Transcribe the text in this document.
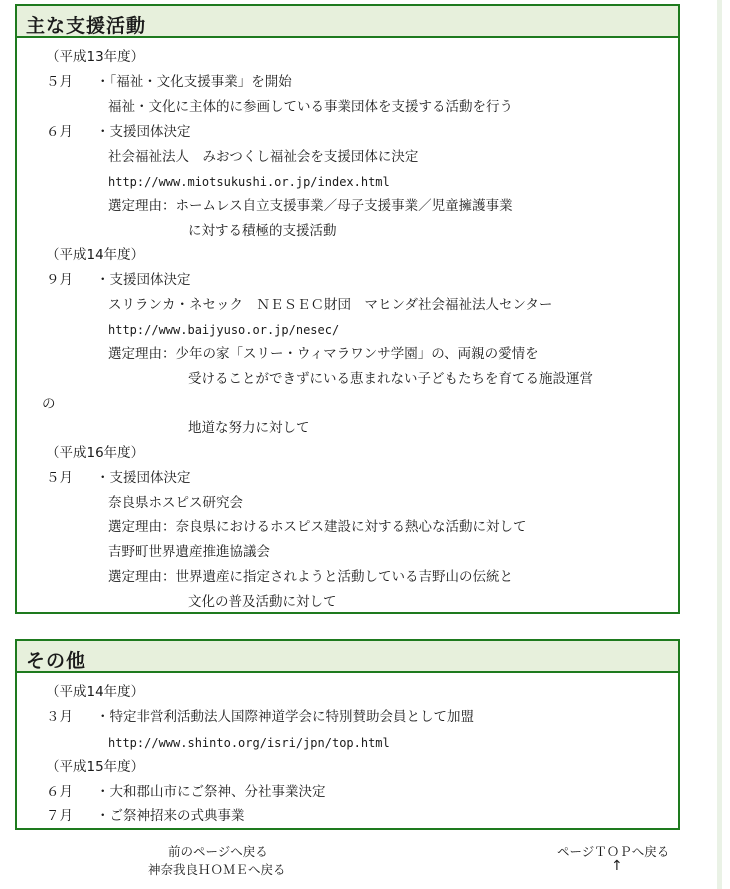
主な支援活動
（平成13年度）
５月 ・「福祉・文化支援事業」を開始
福祉・文化に主体的に参画している事業団体を支援する活動を行う
６月 ・支援団体決定
社会福祉法人　みおつくし福祉会を支援団体に決定
http://www.miotsukushi.or.jp/index.html
選定理由：ホームレス自立支援事業／母子支援事業／児童擁護事業
に対する積極的支援活動
（平成14年度）
９月 ・支援団体決定
スリランカ・ネセック　ＮＥＳＥＣ財団　マヒンダ社会福祉法人センター
http://www.baijyuso.or.jp/nesec/
選定理由：少年の家「スリー・ウィマラワンサ学園」の、両親の愛情を
受けることができずにいる恵まれない子どもたちを育てる施設運営
の
地道な努力に対して
（平成16年度）
５月 ・支援団体決定
奈良県ホスピス研究会
選定理由：奈良県におけるホスピス建設に対する熱心な活動に対して
吉野町世界遺産推進協議会
選定理由：世界遺産に指定されようと活動している吉野山の伝統と
文化の普及活動に対して
その他
（平成14年度）
３月 ・特定非営利活動法人国際神道学会に特別賛助会員として加盟
http://www.shinto.org/isri/jpn/top.html
（平成15年度）
６月 ・大和郡山市にご祭神、分社事業決定
７月 ・ご祭神招来の式典事業
前のページへ戻る
神奈我良ＨＯＭＥへ戻る
ページＴＯＰへ戻る
↑
